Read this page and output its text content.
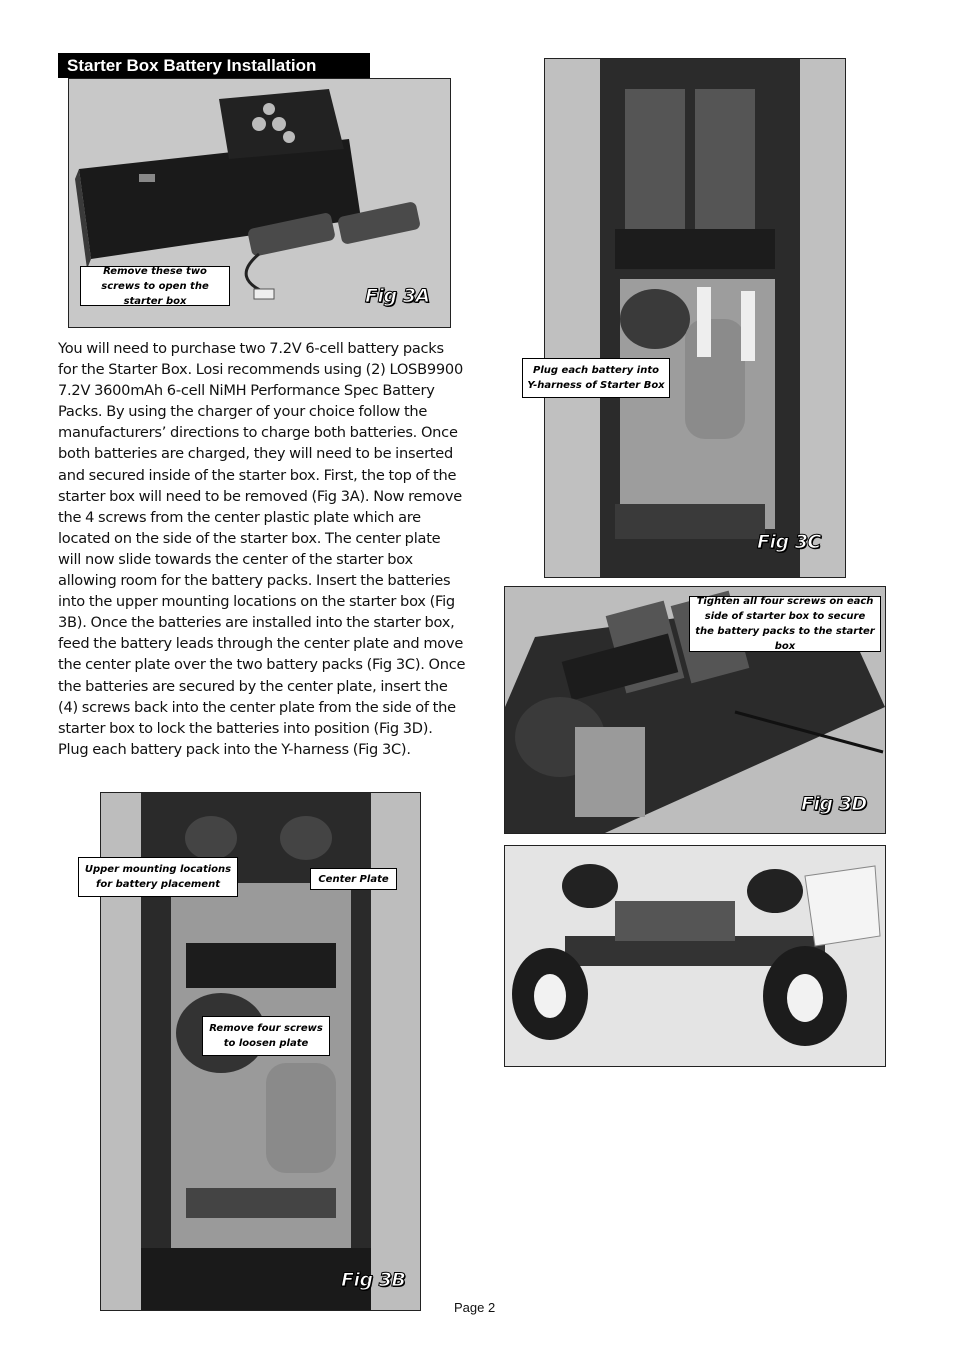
Starter Box Battery Installation
Remove these two screws to open the starter box	Fig 3A
You will need to purchase two 7.2V 6-cell battery packs for the Starter Box. Losi recommends using (2) LOSB9900 7.2V 3600mAh 6-cell NiMH Performance Spec Battery Packs. By using the charger of your choice follow the manufacturers’ directions to charge both batteries. Once both batteries are charged, they will need to be inserted and secured inside of the starter box. First, the top of the starter box will need to be removed (Fig 3A). Now remove the 4 screws from the center plastic plate which are located on the side of the starter box. The center plate will now slide towards the center of the starter box allowing room for the battery packs. Insert the batteries into the upper mounting locations on the starter box (Fig 3B). Once the batteries are installed into the starter box, feed the battery leads through the center plate and move the center plate over the two battery packs (Fig 3C). Once the batteries are secured by the center plate, insert the (4) screws back into the center plate from the side of the starter box to lock the batteries into position (Fig 3D). Plug each battery pack into the Y-harness (Fig 3C).
Upper mounting locations for battery placement	Center Plate
Remove four screws to loosen plate
Fig 3B
Plug each battery into Y-harness of Starter Box
Fig 3C
Tighten all four screws on each side of starter box to secure the battery packs to the starter box
Fig 3D
Page 2
